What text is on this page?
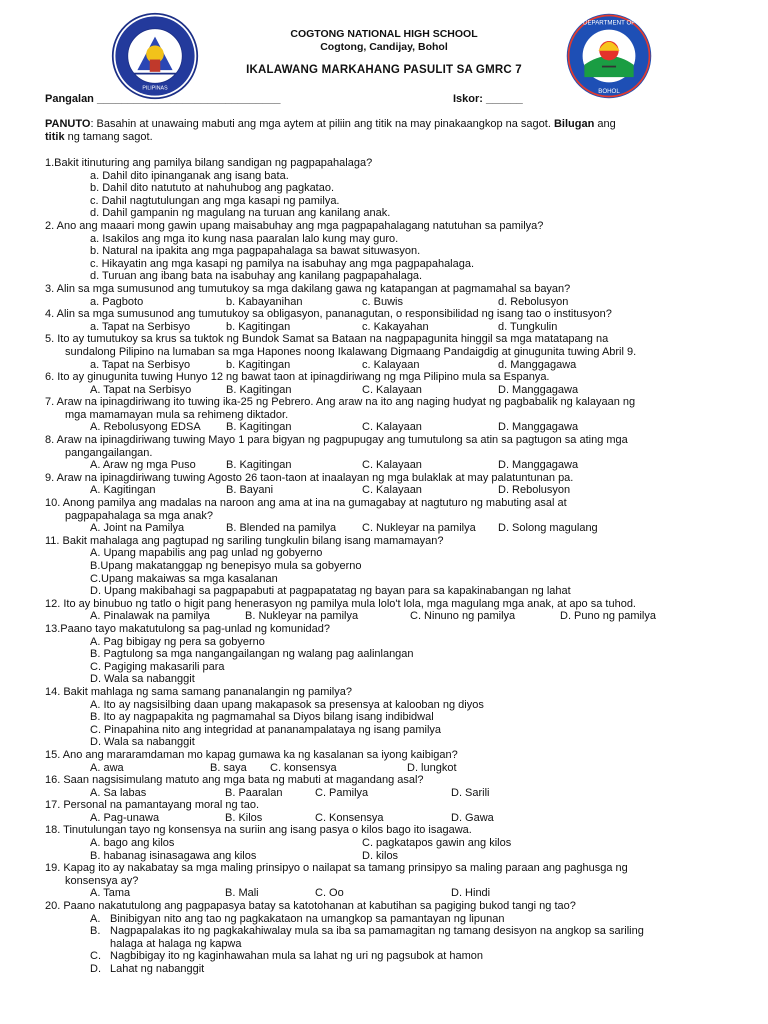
PILIPINAS
DEPARTMENT OF
BOHOL
COGTONG NATIONAL HIGH SCHOOL
Cogtong, Candijay, Bohol
IKALAWANG MARKAHANG PASULIT SA GMRC 7
Pangalan ______________________________	Iskor: ______
PANUTO: Basahin at unawaing mabuti ang mga aytem at piliin ang titik na may pinakaangkop na sagot. Bilugan ang
titik ng tamang sagot.
1.Bakit itinuturing ang pamilya bilang sandigan ng pagpapahalaga?
a. Dahil dito ipinanganak ang isang bata.
b. Dahil dito natututo at nahuhubog ang pagkatao.
c. Dahil nagtutulungan ang mga kasapi ng pamilya.
d. Dahil gampanin ng magulang na turuan ang kanilang anak.
2. Ano ang maaari mong gawin upang maisabuhay ang mga pagpapahalagang natutuhan sa pamilya?
a. Isakilos ang mga ito kung nasa paaralan lalo kung may guro.
b. Natural na ipakita ang mga pagpapahalaga sa bawat situwasyon.
c. Hikayatin ang mga kasapi ng pamilya na isabuhay ang mga pagpapahalaga.
d. Turuan ang ibang bata na isabuhay ang kanilang pagpapahalaga.
3. Alin sa mga sumusunod ang tumutukoy sa mga dakilang gawa ng katapangan at pagmamahal sa bayan?
a. Pagboto	b. Kabayanihan	c. Buwis	d. Rebolusyon
4. Alin sa mga sumusunod ang tumutukoy sa obligasyon, pananagutan, o responsibilidad ng isang tao o institusyon?
a. Tapat na Serbisyo	b. Kagitingan	c. Kakayahan	d. Tungkulin
5. Ito ay tumutukoy sa krus sa tuktok ng Bundok Samat sa Bataan na nagpapagunita hinggil sa mga matatapang na
sundalong Pilipino na lumaban sa mga Hapones noong Ikalawang Digmaang Pandaigdig at ginugunita tuwing Abril 9.
a. Tapat na Serbisyo	b. Kagitingan	c. Kalayaan	d. Manggagawa
6. Ito ay ginugunita tuwing Hunyo 12 ng bawat taon at ipinagdiriwang ng mga Pilipino mula sa Espanya.
A. Tapat na Serbisyo	B. Kagitingan	C. Kalayaan	D. Manggagawa
7. Araw na ipinagdiriwang ito tuwing ika-25 ng Pebrero. Ang araw na ito ang naging hudyat ng pagbabalik ng kalayaan ng
mga mamamayan mula sa rehimeng diktador.
A. Rebolusyong EDSA B. Kagitingan	C. Kalayaan	D. Manggagawa
8. Araw na ipinagdiriwang tuwing Mayo 1 para bigyan ng pagpupugay ang tumutulong sa atin sa pagtugon sa ating mga
pangangailangan.
A. Araw ng mga Puso	B. Kagitingan	C. Kalayaan	D. Manggagawa
9. Araw na ipinagdiriwang tuwing Agosto 26 taon-taon at inaalayan ng mga bulaklak at may palatuntunan pa.
A. Kagitingan	B. Bayani	C. Kalayaan	D. Rebolusyon
10. Anong pamilya ang madalas na naroon ang ama at ina na gumagabay at nagtuturo ng mabuting asal at
pagpapahalaga sa mga anak?
A. Joint na Pamilya	B. Blended na pamilya C. Nukleyar na pamilya D. Solong magulang
11. Bakit mahalaga ang pagtupad ng sariling tungkulin bilang isang mamamayan?
A. Upang mapabilis ang pag unlad ng gobyerno
B.Upang makatanggap ng benepisyo mula sa gobyerno
C.Upang makaiwas sa mga kasalanan
D. Upang makibahagi sa pagpapabuti at pagpapatatag ng bayan para sa kapakinabangan ng lahat
12. Ito ay binubuo ng tatlo o higit pang henerasyon ng pamilya mula lolo't lola, mga magulang mga anak, at apo sa tuhod.
A. Pinalawak na pamilya	B. Nukleyar na pamilya	C. Ninuno ng pamilya	D. Puno ng pamilya
13.Paano tayo makatutulong sa pag-unlad ng komunidad?
A. Pag bibigay ng pera sa gobyerno
B. Pagtulong sa mga nangangailangan ng walang pag aalinlangan
C. Pagiging makasarili para
D. Wala sa nabanggit
14. Bakit mahlaga ng sama samang pananalangin ng pamilya?
A. Ito ay nagsisilbing daan upang makapasok sa presensya at kalooban ng diyos
B. Ito ay nagpapakita ng pagmamahal sa Diyos bilang isang indibidwal
C. Pinapahina nito ang integridad at pananampalataya ng isang pamilya
D. Wala sa nabanggit
15. Ano ang mararamdaman mo kapag gumawa ka ng kasalanan sa iyong kaibigan?
A. awa	B. saya C. konsensya	D. lungkot
16. Saan nagsisimulang matuto ang mga bata ng mabuti at magandang asal?
A. Sa labas	B. Paaralan	C. Pamilya	D. Sarili
17. Personal na pamantayang moral ng tao.
A. Pag-unawa	B. Kilos	C. Konsensya	D. Gawa
18. Tinutulungan tayo ng konsensya na suriin ang isang pasya o kilos bago ito isagawa.
A. bago ang kilos	C. pagkatapos gawin ang kilos
B. habanag isinasagawa ang kilos	D. kilos
19. Kapag ito ay nakabatay sa mga maling prinsipyo o nailapat sa tamang prinsipyo sa maling paraan ang paghusga ng
konsensya ay?
A. Tama	B. Mali	C. Oo	D. Hindi
20. Paano nakatutulong ang pagpapasya batay sa katotohanan at kabutihan sa pagiging bukod tangi ng tao?
A. Binibigyan nito ang tao ng pagkakataon na umangkop sa pamantayan ng lipunan
B. Nagpapalakas ito ng pagkakahiwalay mula sa iba sa pamamagitan ng tamang desisyon na angkop sa sariling
halaga at halaga ng kapwa
C. Nagbibigay ito ng kaginhawahan mula sa lahat ng uri ng pagsubok at hamon
D. Lahat ng nabanggit
